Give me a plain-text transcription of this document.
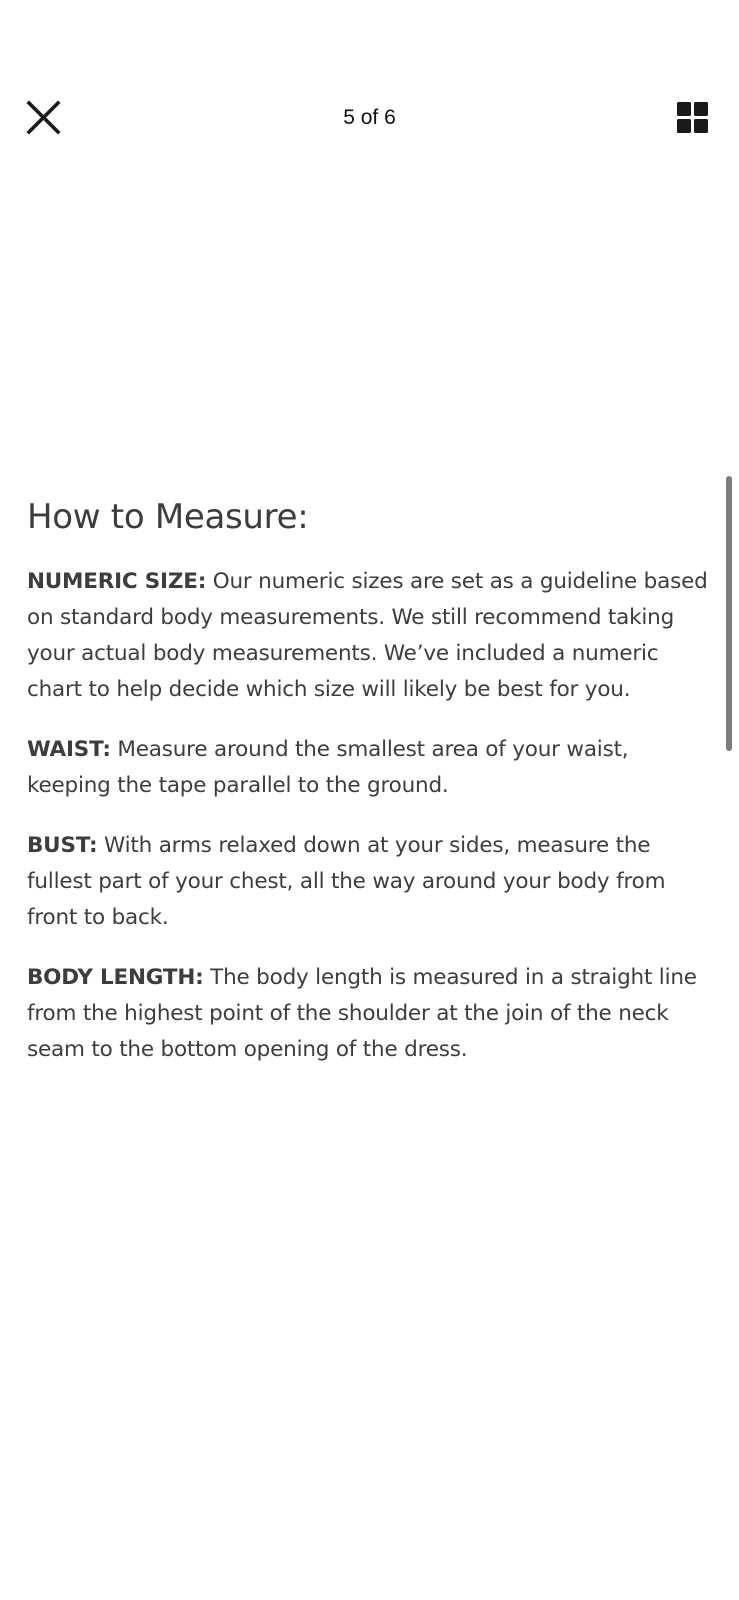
5 of 6
How to Measure:

NUMERIC SIZE: Our numeric sizes are set as a guideline based on standard body measurements. We still recommend taking your actual body measurements. We’ve included a numeric chart to help decide which size will likely be best for you.

WAIST: Measure around the smallest area of your waist, keeping the tape parallel to the ground.

BUST: With arms relaxed down at your sides, measure the fullest part of your chest, all the way around your body from front to back.

BODY LENGTH: The body length is measured in a straight line from the highest point of the shoulder at the join of the neck seam to the bottom opening of the dress.
